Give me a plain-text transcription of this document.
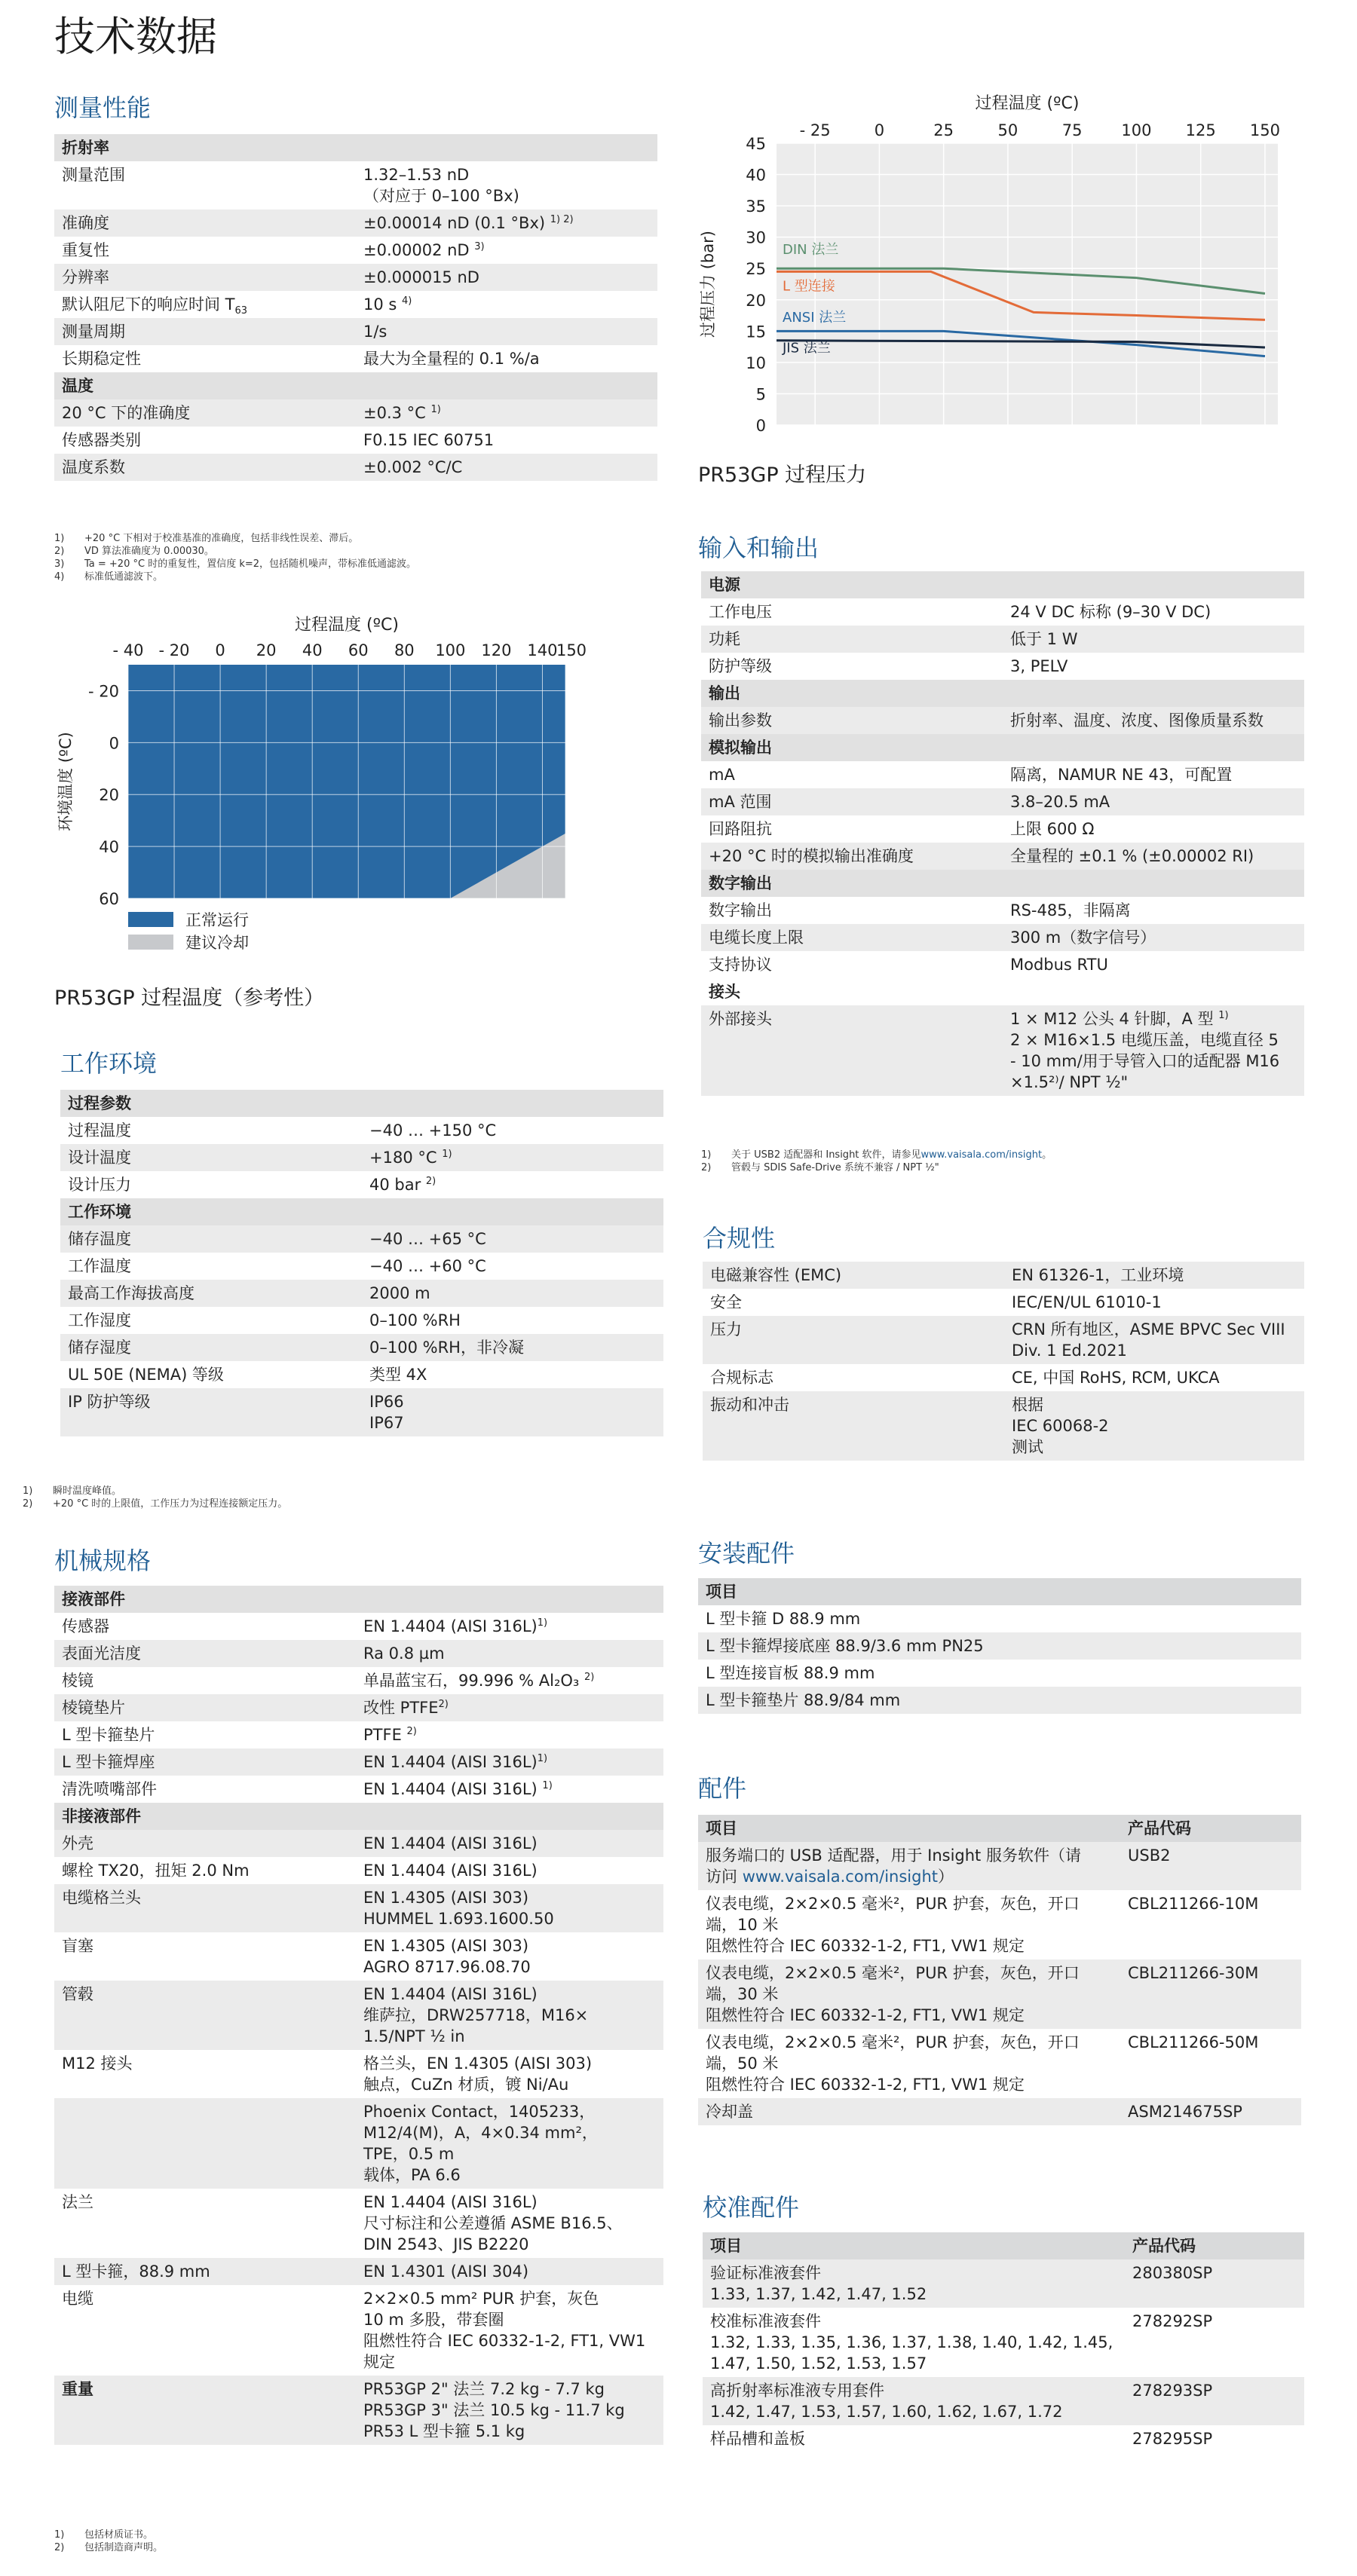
技术数据
测量性能
折射率	
测量范围	1.32–1.53 nD
（对应于 0–100 °Bx)
准确度	±0.00014 nD (0.1 °Bx) $^{1) 2)}$
重复性	±0.00002 nD $^{3)}$
分辨率	±0.000015 nD
默认阻尼下的响应时间 $T_{63}$	10 s $^{4)}$
测量周期	1/s
长期稳定性	最大为全量程的 0.1 %/a
温度	
20 °C 下的准确度	±0.3 °C $^{1)}$
传感器类别	F0.15 IEC 60751
温度系数	±0.002 °C/C
1) +20 °C 下相对于校准基准的准确度，包括非线性误差、滞后。
2) VD 算法准确度为 0.00030。
3) Ta = +20 °C 时的重复性，置信度 k=2，包括随机噪声，带标准低通滤波。
4) 标准低通滤波下。
过程温度 (ºC)
- 40 - 20 0 20 40 60 80 100 120 140
150
- 20
0
20
40
60
环境温度 (ºC)
正常运行
建议冷却
PR53GP 过程温度（参考性）
工作环境
过程参数	
过程温度	−40 … +150 °C
设计温度	+180 °C $^{1)}$
设计压力	40 bar $^{2)}$
工作环境	
储存温度	−40 … +65 °C
工作温度	−40 … +60 °C
最高工作海拔高度	2000 m
工作湿度	0–100 %RH
储存湿度	0–100 %RH，非冷凝
UL 50E (NEMA) 等级	类型 4X
IP 防护等级	IP66
IP67
1) 瞬时温度峰值。
2) +20 °C 时的上限值，工作压力为过程连接额定压力。
机械规格
接液部件	
传感器	EN 1.4404 (AISI 316L)$^{1)}$
表面光洁度	Ra 0.8 µm
棱镜	单晶蓝宝石，99.996 % Al₂O₃ $^{2)}$
棱镜垫片	改性 PTFE$^{2)}$
L 型卡箍垫片	PTFE $^{2)}$
L 型卡箍焊座	EN 1.4404 (AISI 316L)$^{1)}$
清洗喷嘴部件	EN 1.4404 (AISI 316L) $^{1)}$
非接液部件	
外壳	EN 1.4404 (AISI 316L)
螺栓 TX20，扭矩 2.0 Nm	EN 1.4404 (AISI 316L)
电缆格兰头	EN 1.4305 (AISI 303)
HUMMEL 1.693.1600.50
盲塞	EN 1.4305 (AISI 303)
AGRO 8717.96.08.70
管毂	EN 1.4404 (AISI 316L)
维萨拉，DRW257718，M16×
1.5/NPT ½ in
M12 接头	格兰头，EN 1.4305 (AISI 303)
触点，CuZn 材质，镀 Ni/Au
	Phoenix Contact，1405233，
M12/4(M)，A，4×0.34 mm²，
TPE，0.5 m
载体，PA 6.6
法兰	EN 1.4404 (AISI 316L)
尺寸标注和公差遵循 ASME B16.5、
DIN 2543、JIS B2220
L 型卡箍，88.9 mm	EN 1.4301 (AISI 304)
电缆	2×2×0.5 mm² PUR 护套，灰色
10 m 多股，带套圈
阻燃性符合 IEC 60332-1-2, FT1, VW1
规定
重量	PR53GP 2" 法兰 7.2 kg - 7.7 kg
PR53GP 3" 法兰 10.5 kg - 11.7 kg
PR53 L 型卡箍 5.1 kg
1) 包括材质证书。
2) 包括制造商声明。
过程温度 (ºC)
- 25	0	25	50	75 100 125 150
0
5
10
15
20
25
30
35
40
45
过程压力 (bar)	DIN 法兰
L 型连接
ANSI 法兰
JIS 法兰
PR53GP 过程压力
输入和输出
电源	
工作电压	24 V DC 标称 (9–30 V DC)
功耗	低于 1 W
防护等级	3, PELV
输出	
输出参数	折射率、温度、浓度、图像质量系数
模拟输出	
mA	隔离，NAMUR NE 43，可配置
mA 范围	3.8–20.5 mA
回路阻抗	上限 600 Ω
+20 °C 时的模拟输出准确度	全量程的 ±0.1 % (±0.00002 RI)
数字输出	
数字输出	RS-485，非隔离
电缆长度上限	300 m（数字信号）
支持协议	Modbus RTU
接头	
外部接头	1 × M12 公头 4 针脚，A 型 $^{1)}$
2 × M16×1.5 电缆压盖，电缆直径 5
- 10 mm/用于导管入口的适配器 M16
×1.5²⁾/ NPT ½"
1) 关于 USB2 适配器和 Insight 软件，请参见www.vaisala.com/insight。
2) 管毂与 SDIS Safe-Drive 系统不兼容 / NPT ½"
合规性
电磁兼容性 (EMC)	EN 61326-1，工业环境
安全	IEC/EN/UL 61010-1
压力	CRN 所有地区，ASME BPVC Sec VIII
Div. 1 Ed.2021
合规标志	CE, 中国 RoHS, RCM, UKCA
振动和冲击	根据
IEC 60068-2
测试
安装配件
项目
L 型卡箍 D 88.9 mm
L 型卡箍焊接底座 88.9/3.6 mm PN25
L 型连接盲板 88.9 mm
L 型卡箍垫片 88.9/84 mm
配件
项目	产品代码
服务端口的 USB 适配器，用于 Insight 服务软件（请
访问 www.vaisala.com/insight）	USB2
仪表电缆，2×2×0.5 毫米²，PUR 护套，灰色，开口
端，10 米
阻燃性符合 IEC 60332-1-2, FT1, VW1 规定	CBL211266-10M
仪表电缆，2×2×0.5 毫米²，PUR 护套，灰色，开口
端，30 米
阻燃性符合 IEC 60332-1-2, FT1, VW1 规定	CBL211266-30M
仪表电缆，2×2×0.5 毫米²，PUR 护套，灰色，开口
端，50 米
阻燃性符合 IEC 60332-1-2, FT1, VW1 规定	CBL211266-50M
冷却盖	ASM214675SP
校准配件
项目	产品代码
验证标准液套件
1.33, 1.37, 1.42, 1.47, 1.52	280380SP
校准标准液套件
1.32, 1.33, 1.35, 1.36, 1.37, 1.38, 1.40, 1.42, 1.45,
1.47, 1.50, 1.52, 1.53, 1.57	278292SP
高折射率标准液专用套件
1.42, 1.47, 1.53, 1.57, 1.60, 1.62, 1.67, 1.72	278293SP
样品槽和盖板	278295SP
